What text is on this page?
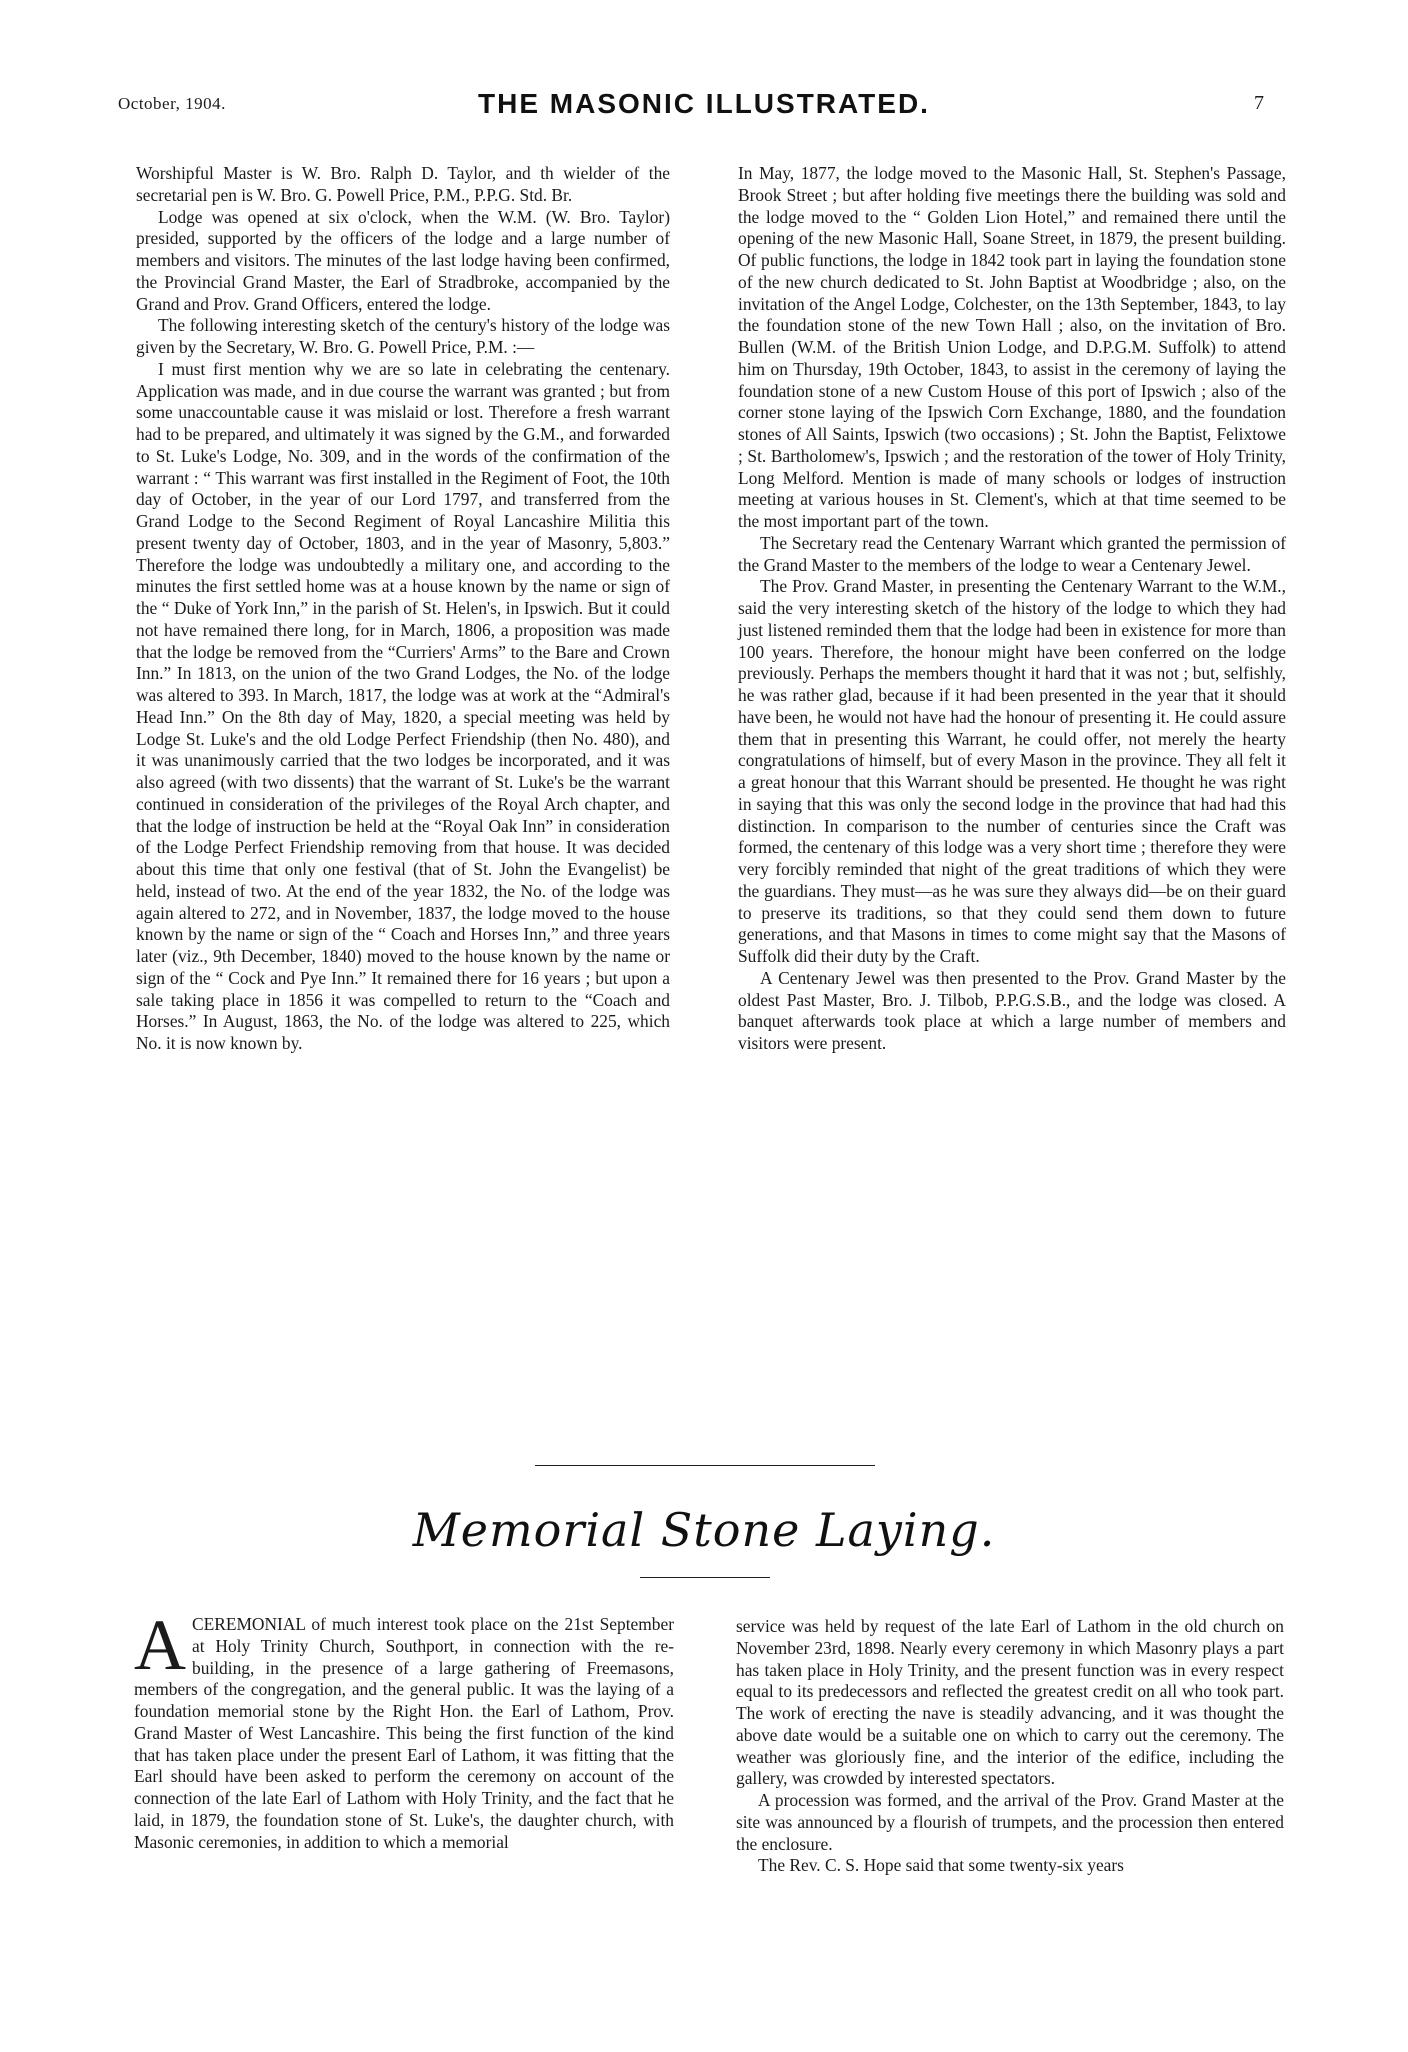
October, 1904.	THE MASONIC ILLUSTRATED.	7

Worshipful Master is W. Bro. Ralph D. Taylor, and th wielder of the secretarial pen is W. Bro. G. Powell Price, P.M., P.P.G. Std. Br.

Lodge was opened at six o'clock, when the W.M. (W. Bro. Taylor) presided, supported by the officers of the lodge and a large number of members and visitors. The minutes of the last lodge having been confirmed, the Provincial Grand Master, the Earl of Stradbroke, accompanied by the Grand and Prov. Grand Officers, entered the lodge.

The following interesting sketch of the century's history of the lodge was given by the Secretary, W. Bro. G. Powell Price, P.M. :—

I must first mention why we are so late in celebrating the centenary. Application was made, and in due course the warrant was granted ; but from some unaccountable cause it was mislaid or lost. Therefore a fresh warrant had to be prepared, and ultimately it was signed by the G.M., and forwarded to St. Luke's Lodge, No. 309, and in the words of the confirmation of the warrant : “ This warrant was first installed in the Regiment of Foot, the 10th day of October, in the year of our Lord 1797, and transferred from the Grand Lodge to the Second Regiment of Royal Lancashire Militia this present twenty day of October, 1803, and in the year of Masonry, 5,803.” Therefore the lodge was undoubtedly a military one, and according to the minutes the first settled home was at a house known by the name or sign of the “ Duke of York Inn,” in the parish of St. Helen's, in Ipswich. But it could not have remained there long, for in March, 1806, a proposition was made that the lodge be removed from the “Curriers' Arms” to the Bare and Crown Inn.” In 1813, on the union of the two Grand Lodges, the No. of the lodge was altered to 393. In March, 1817, the lodge was at work at the “Admiral's Head Inn.” On the 8th day of May, 1820, a special meeting was held by Lodge St. Luke's and the old Lodge Perfect Friendship (then No. 480), and it was unanimously carried that the two lodges be incorporated, and it was also agreed (with two dissents) that the warrant of St. Luke's be the warrant continued in consideration of the privileges of the Royal Arch chapter, and that the lodge of instruction be held at the “Royal Oak Inn” in consideration of the Lodge Perfect Friendship removing from that house. It was decided about this time that only one festival (that of St. John the Evangelist) be held, instead of two. At the end of the year 1832, the No. of the lodge was again altered to 272, and in November, 1837, the lodge moved to the house known by the name or sign of the “ Coach and Horses Inn,” and three years later (viz., 9th December, 1840) moved to the house known by the name or sign of the “ Cock and Pye Inn.” It remained there for 16 years ; but upon a sale taking place in 1856 it was compelled to return to the “Coach and Horses.” In August, 1863, the No. of the lodge was altered to 225, which No. it is now known by.

In May, 1877, the lodge moved to the Masonic Hall, St. Stephen's Passage, Brook Street ; but after holding five meetings there the building was sold and the lodge moved to the “ Golden Lion Hotel,” and remained there until the opening of the new Masonic Hall, Soane Street, in 1879, the present building. Of public functions, the lodge in 1842 took part in laying the foundation stone of the new church dedicated to St. John Baptist at Woodbridge ; also, on the invitation of the Angel Lodge, Colchester, on the 13th September, 1843, to lay the foundation stone of the new Town Hall ; also, on the invitation of Bro. Bullen (W.M. of the British Union Lodge, and D.P.G.M. Suffolk) to attend him on Thursday, 19th October, 1843, to assist in the ceremony of laying the foundation stone of a new Custom House of this port of Ipswich ; also of the corner stone laying of the Ipswich Corn Exchange, 1880, and the foundation stones of All Saints, Ipswich (two occasions) ; St. John the Baptist, Felixtowe ; St. Bartholomew's, Ipswich ; and the restoration of the tower of Holy Trinity, Long Melford. Mention is made of many schools or lodges of instruction meeting at various houses in St. Clement's, which at that time seemed to be the most important part of the town.

The Secretary read the Centenary Warrant which granted the permission of the Grand Master to the members of the lodge to wear a Centenary Jewel.

The Prov. Grand Master, in presenting the Centenary Warrant to the W.M., said the very interesting sketch of the history of the lodge to which they had just listened reminded them that the lodge had been in existence for more than 100 years. Therefore, the honour might have been conferred on the lodge previously. Perhaps the members thought it hard that it was not ; but, selfishly, he was rather glad, because if it had been presented in the year that it should have been, he would not have had the honour of presenting it. He could assure them that in presenting this Warrant, he could offer, not merely the hearty congratulations of himself, but of every Mason in the province. They all felt it a great honour that this Warrant should be presented. He thought he was right in saying that this was only the second lodge in the province that had had this distinction. In comparison to the number of centuries since the Craft was formed, the centenary of this lodge was a very short time ; therefore they were very forcibly reminded that night of the great traditions of which they were the guardians. They must—as he was sure they always did—be on their guard to preserve its traditions, so that they could send them down to future generations, and that Masons in times to come might say that the Masons of Suffolk did their duty by the Craft.

A Centenary Jewel was then presented to the Prov. Grand Master by the oldest Past Master, Bro. J. Tilbob, P.P.G.S.B., and the lodge was closed. A banquet afterwards took place at which a large number of members and visitors were present.

Memorial Stone Laying.

ACEREMONIAL of much interest took place on the 21st September at Holy Trinity Church, Southport, in connection with the re-building, in the presence of a large gathering of Freemasons, members of the congregation, and the general public. It was the laying of a foundation memorial stone by the Right Hon. the Earl of Lathom, Prov. Grand Master of West Lancashire. This being the first function of the kind that has taken place under the present Earl of Lathom, it was fitting that the Earl should have been asked to perform the ceremony on account of the connection of the late Earl of Lathom with Holy Trinity, and the fact that he laid, in 1879, the foundation stone of St. Luke's, the daughter church, with Masonic ceremonies, in addition to which a memorial

service was held by request of the late Earl of Lathom in the old church on November 23rd, 1898. Nearly every ceremony in which Masonry plays a part has taken place in Holy Trinity, and the present function was in every respect equal to its predecessors and reflected the greatest credit on all who took part. The work of erecting the nave is steadily advancing, and it was thought the above date would be a suitable one on which to carry out the ceremony. The weather was gloriously fine, and the interior of the edifice, including the gallery, was crowded by interested spectators.

A procession was formed, and the arrival of the Prov. Grand Master at the site was announced by a flourish of trumpets, and the procession then entered the enclosure.

The Rev. C. S. Hope said that some twenty-six years
